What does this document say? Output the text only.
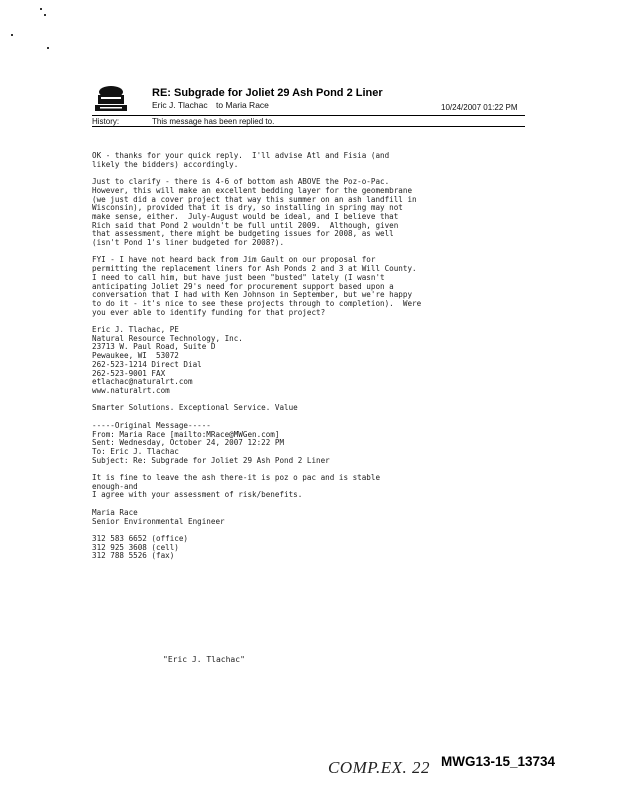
RE: Subgrade for Joliet 29 Ash Pond 2 Liner
Eric J. Tlachac to Maria Race	10/24/2007 01:22 PM
History:	This message has been replied to.
OK - thanks for your quick reply.  I'll advise Atl and Fisia (and
likely the bidders) accordingly.

Just to clarify - there is 4-6 of bottom ash ABOVE the Poz-o-Pac.
However, this will make an excellent bedding layer for the geomembrane
(we just did a cover project that way this summer on an ash landfill in
Wisconsin), provided that it is dry, so installing in spring may not
make sense, either.  July-August would be ideal, and I believe that
Rich said that Pond 2 wouldn't be full until 2009.  Although, given
that assessment, there might be budgeting issues for 2008, as well
(isn't Pond 1's liner budgeted for 2008?).

FYI - I have not heard back from Jim Gault on our proposal for
permitting the replacement liners for Ash Ponds 2 and 3 at Will County.
I need to call him, but have just been "busted" lately (I wasn't
anticipating Joliet 29's need for procurement support based upon a
conversation that I had with Ken Johnson in September, but we're happy
to do it - it's nice to see these projects through to completion).  Were
you ever able to identify funding for that project?

Eric J. Tlachac, PE
Natural Resource Technology, Inc.
23713 W. Paul Road, Suite D
Pewaukee, WI  53072
262-523-1214 Direct Dial
262-523-9001 FAX
etlachac@naturalrt.com
www.naturalrt.com

Smarter Solutions. Exceptional Service. Value

-----Original Message-----
From: Maria Race [mailto:MRace@MWGen.com]
Sent: Wednesday, October 24, 2007 12:22 PM
To: Eric J. Tlachac
Subject: Re: Subgrade for Joliet 29 Ash Pond 2 Liner

It is fine to leave the ash there-it is poz o pac and is stable
enough-and
I agree with your assessment of risk/benefits.

Maria Race
Senior Environmental Engineer

312 583 6652 (office)
312 925 3608 (cell)
312 788 5526 (fax)
"Eric J. Tlachac"
COMP.EX. 22 MWG13-15_13734
